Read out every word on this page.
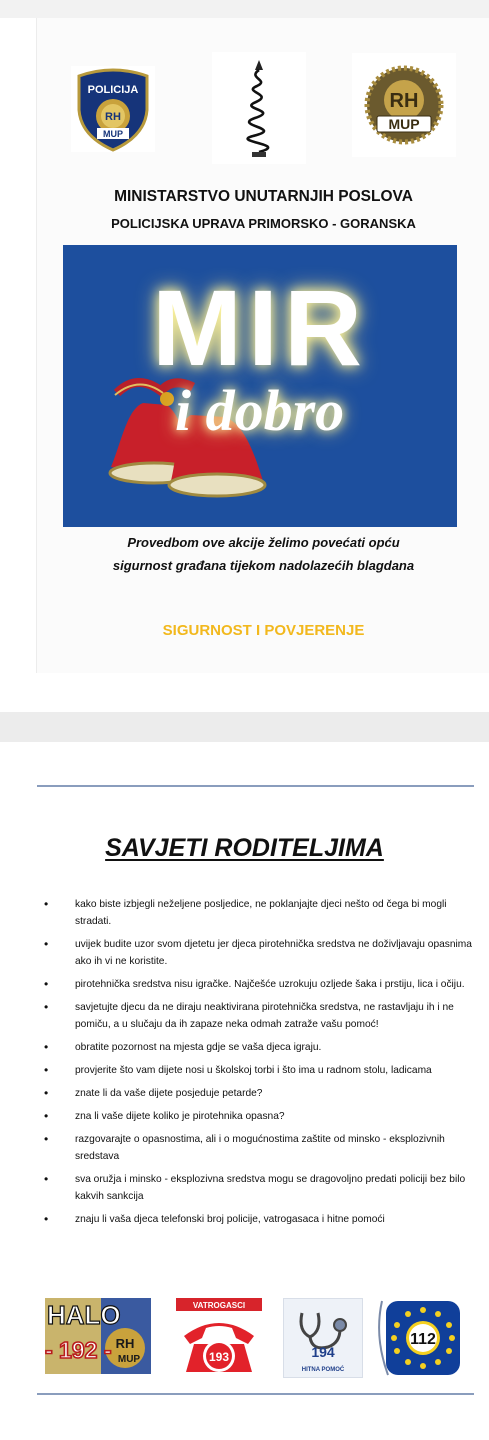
POLICIJA
RH
MUP
RH
MUP
MINISTARSTVO UNUTARNJIH POSLOVA
POLICIJSKA UPRAVA PRIMORSKO - GORANSKA
MIR
i dobro
Provedbom ove akcije želimo povećati opću
sigurnost građana tijekom nadolazećih blagdana
SIGURNOST I POVJERENJE
SAVJETI RODITELJIMA
• kako biste izbjegli neželjene posljedice, ne poklanjajte djeci nešto od čega bi mogli stradati.
• uvijek budite uzor svom djetetu jer djeca pirotehnička sredstva ne doživljavaju opasnima ako ih vi ne koristite.
• pirotehnička sredstva nisu igračke. Najčešće uzrokuju ozljede šaka i prstiju, lica i očiju.
• savjetujte djecu da ne diraju neaktivirana pirotehnička sredstva, ne rastavljaju ih i ne pomiču, a u slučaju da ih zapaze neka odmah zatraže vašu pomoć!
• obratite pozornost na mjesta gdje se vaša djeca igraju.
• provjerite što vam dijete nosi u školskoj torbi i što ima u radnom stolu, ladicama
• znate li da vaše dijete posjeduje petarde?
• zna li vaše dijete koliko je pirotehnika opasna?
• razgovarajte o opasnostima, ali i o mogućnostima zaštite od minsko - eksplozivnih sredstava
• sva oružja i minsko - eksplozivna sredstva mogu se dragovoljno predati policiji bez bilo kakvih sankcija
• znaju li vaša djeca telefonski broj policije, vatrogasaca i hitne pomoći
RH
MUP
HALO
- 192 -
VATROGASCI
193	194
HITNA POMOĆ
112
